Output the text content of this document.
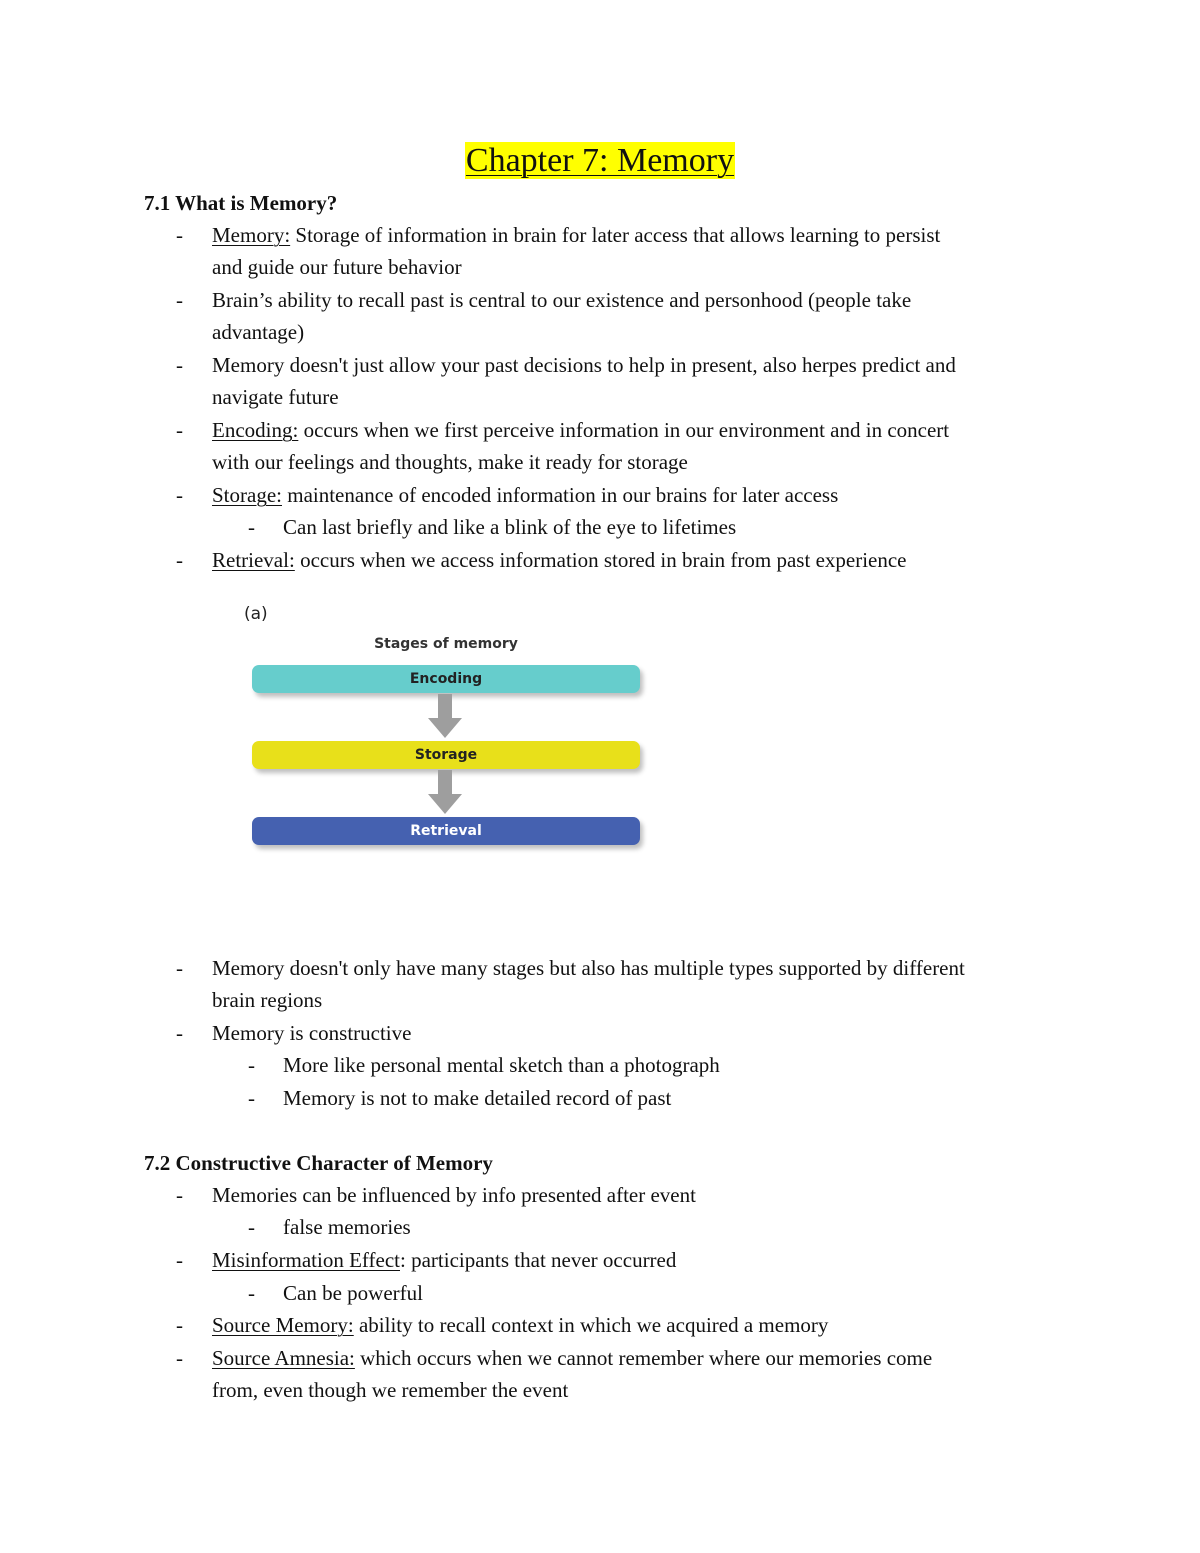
Chapter 7: Memory
7.1 What is Memory?
- Memory: Storage of information in brain for later access that allows learning to persist
and guide our future behavior
- Brain’s ability to recall past is central to our existence and personhood (people take
advantage)
- Memory doesn't just allow your past decisions to help in present, also herpes predict and
navigate future
- Encoding: occurs when we first perceive information in our environment and in concert
with our feelings and thoughts, make it ready for storage
- Storage: maintenance of encoded information in our brains for later access
- Can last briefly and like a blink of the eye to lifetimes
- Retrieval: occurs when we access information stored in brain from past experience
(a)
Stages of memory
Encoding
Storage
Retrieval
- Memory doesn't only have many stages but also has multiple types supported by different
brain regions
- Memory is constructive
- More like personal mental sketch than a photograph
- Memory is not to make detailed record of past
7.2 Constructive Character of Memory
- Memories can be influenced by info presented after event
- false memories
- Misinformation Effect: participants that never occurred
- Can be powerful
- Source Memory: ability to recall context in which we acquired a memory
- Source Amnesia: which occurs when we cannot remember where our memories come
from, even though we remember the event
